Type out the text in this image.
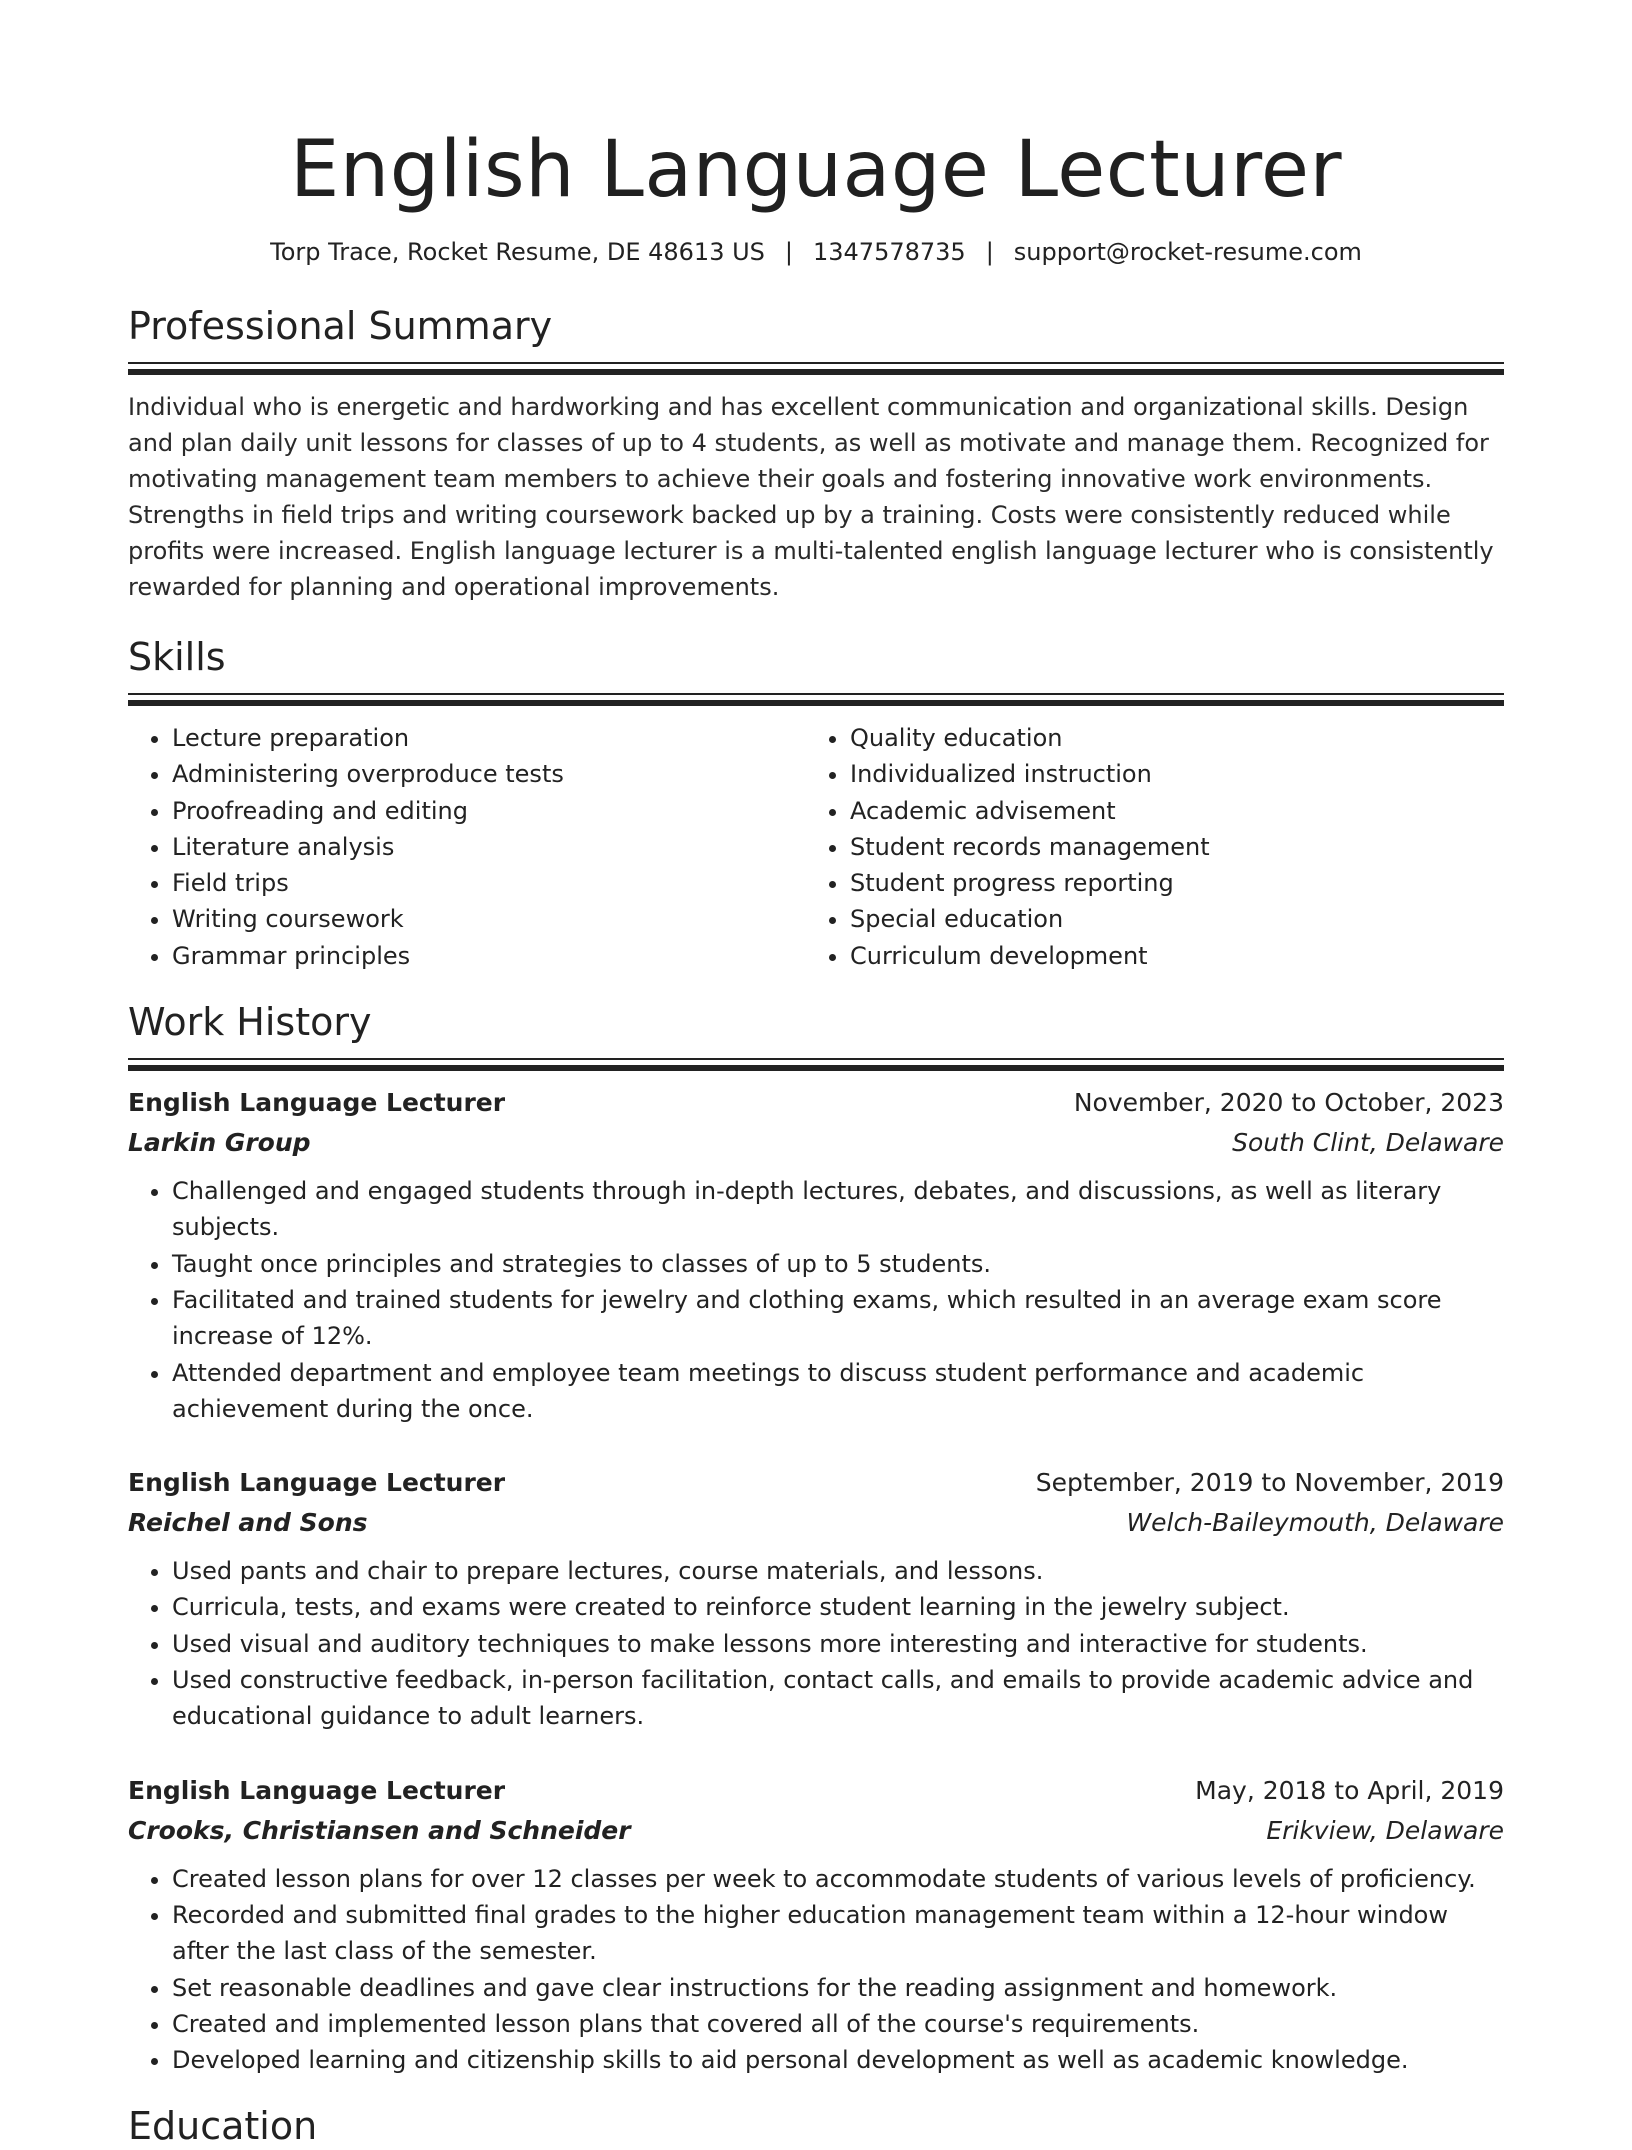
English Language Lecturer
Torp Trace, Rocket Resume, DE 48613 US | 1347578735 | support@rocket-resume.com
Professional Summary

Individual who is energetic and hardworking and has excellent communication and organizational skills. Design and plan daily unit lessons for classes of up to 4 students, as well as motivate and manage them. Recognized for motivating management team members to achieve their goals and fostering innovative work environments. Strengths in field trips and writing coursework backed up by a training. Costs were consistently reduced while profits were increased. English language lecturer is a multi-talented english language lecturer who is consistently rewarded for planning and operational improvements.

Skills
• Lecture preparation
• Administering overproduce tests
• Proofreading and editing
• Literature analysis
• Field trips
• Writing coursework
• Grammar principles
• Quality education
• Individualized instruction
• Academic advisement
• Student records management
• Student progress reporting
• Special education
• Curriculum development
Work History
English Language Lecturer	November, 2020 to October, 2023
Larkin Group	South Clint, Delaware
• Challenged and engaged students through in-depth lectures, debates, and discussions, as well as literary subjects.
• Taught once principles and strategies to classes of up to 5 students.
• Facilitated and trained students for jewelry and clothing exams, which resulted in an average exam score increase of 12%.
• Attended department and employee team meetings to discuss student performance and academic achievement during the once.
English Language Lecturer	September, 2019 to November, 2019
Reichel and Sons	Welch-Baileymouth, Delaware
• Used pants and chair to prepare lectures, course materials, and lessons.
• Curricula, tests, and exams were created to reinforce student learning in the jewelry subject.
• Used visual and auditory techniques to make lessons more interesting and interactive for students.
• Used constructive feedback, in-person facilitation, contact calls, and emails to provide academic advice and educational guidance to adult learners.
English Language Lecturer	May, 2018 to April, 2019
Crooks, Christiansen and Schneider	Erikview, Delaware
• Created lesson plans for over 12 classes per week to accommodate students of various levels of proficiency.
• Recorded and submitted final grades to the higher education management team within a 12-hour window after the last class of the semester.
• Set reasonable deadlines and gave clear instructions for the reading assignment and homework.
• Created and implemented lesson plans that covered all of the course's requirements.
• Developed learning and citizenship skills to aid personal development as well as academic knowledge.
Education
